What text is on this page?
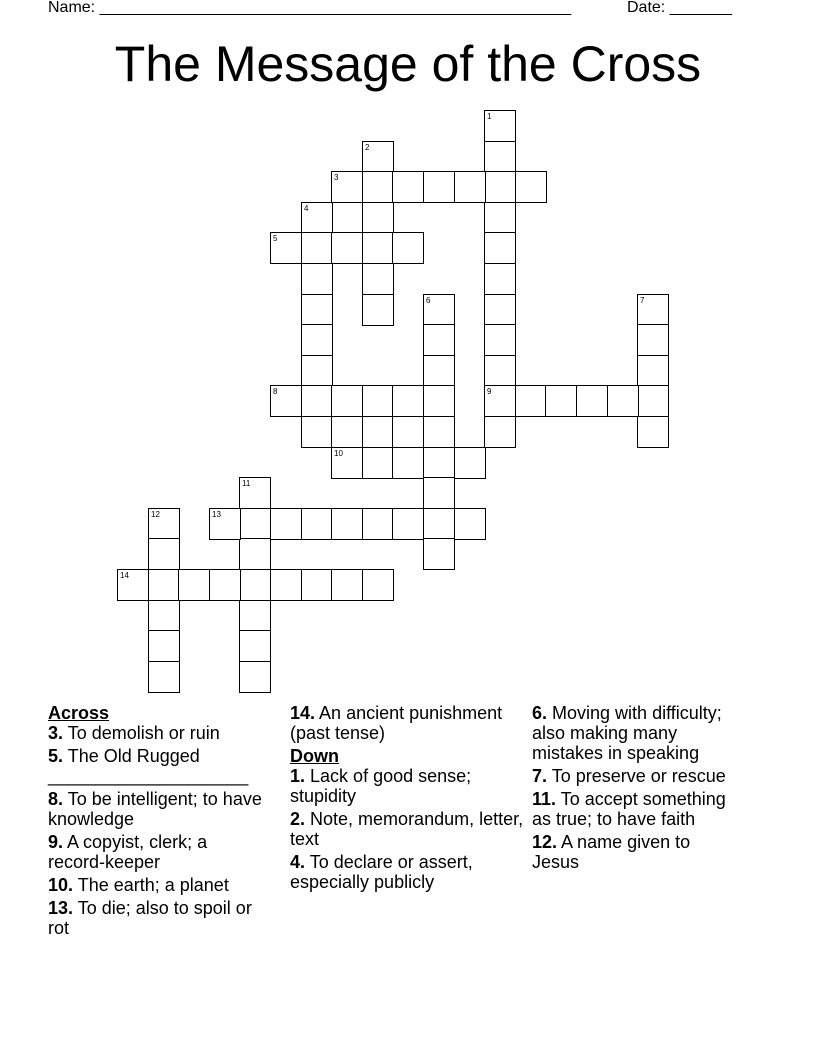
Name: _____________________________________________________	Date: _______
The Message of the Cross
1
9
2
3
4
5
6	7
8
10
11
12	13
14
Across
3. To demolish or ruin
5. The Old Rugged ____________________
8. To be intelligent; to have knowledge
9. A copyist, clerk; a record-keeper
10. The earth; a planet
13. To die; also to spoil or rot
14. An ancient punishment (past tense)
Down
1. Lack of good sense; stupidity
2. Note, memorandum, letter, text
4. To declare or assert, especially publicly
6. Moving with difficulty; also making many mistakes in speaking
7. To preserve or rescue
11. To accept something as true; to have faith
12. A name given to Jesus
